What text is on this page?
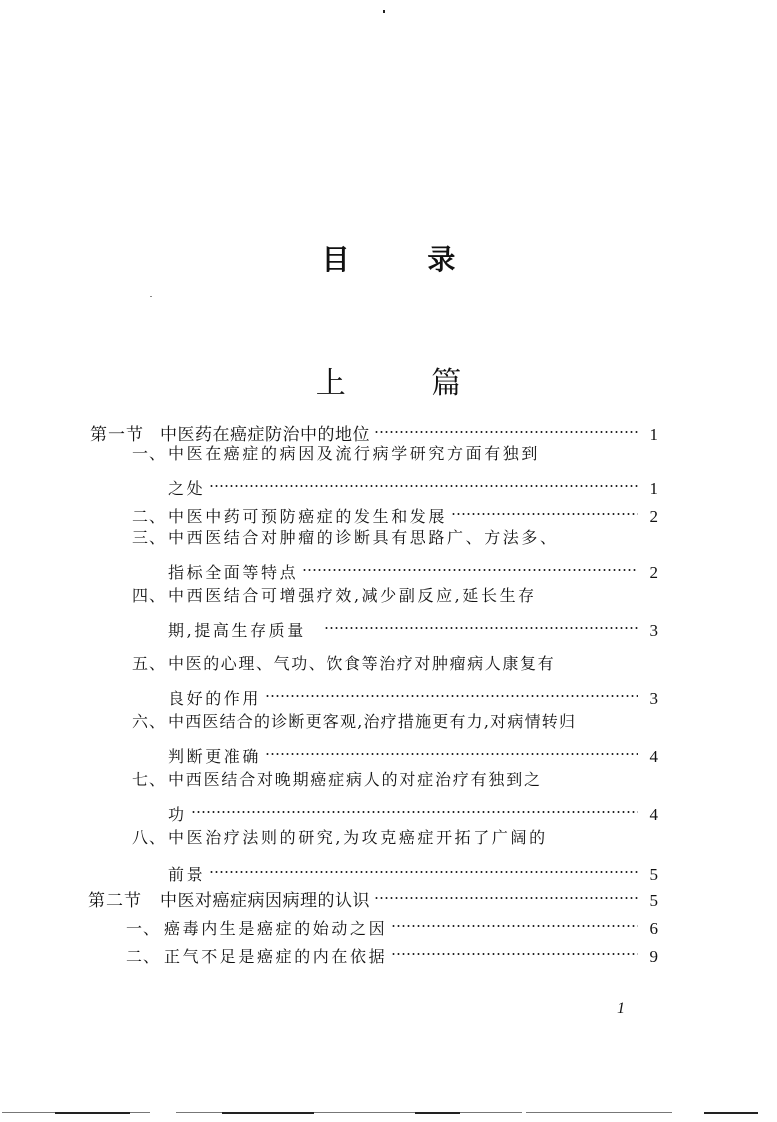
目	录
上	篇
第一节 中医药在癌症防治中的地位	1
一、 中医在癌症的病因及流行病学研究方面有独到
之处	1
二、 中医中药可预防癌症的发生和发展	2
三、 中西医结合对肿瘤的诊断具有思路广、方法多、
指标全面等特点	2
四、 中西医结合可增强疗效,减少副反应,延长生存
期,提高生存质量	3
五、 中医的心理、气功、饮食等治疗对肿瘤病人康复有
良好的作用	3
六、 中西医结合的诊断更客观,治疗措施更有力,对病情转归
判断更准确	4
七、 中西医结合对晚期癌症病人的对症治疗有独到之
功	4
八、 中医治疗法则的研究,为攻克癌症开拓了广阔的
前景	5
第二节	中医对癌症病因病理的认识	5
一、 癌毒内生是癌症的始动之因	6
二、 正气不足是癌症的内在依据	9
1
